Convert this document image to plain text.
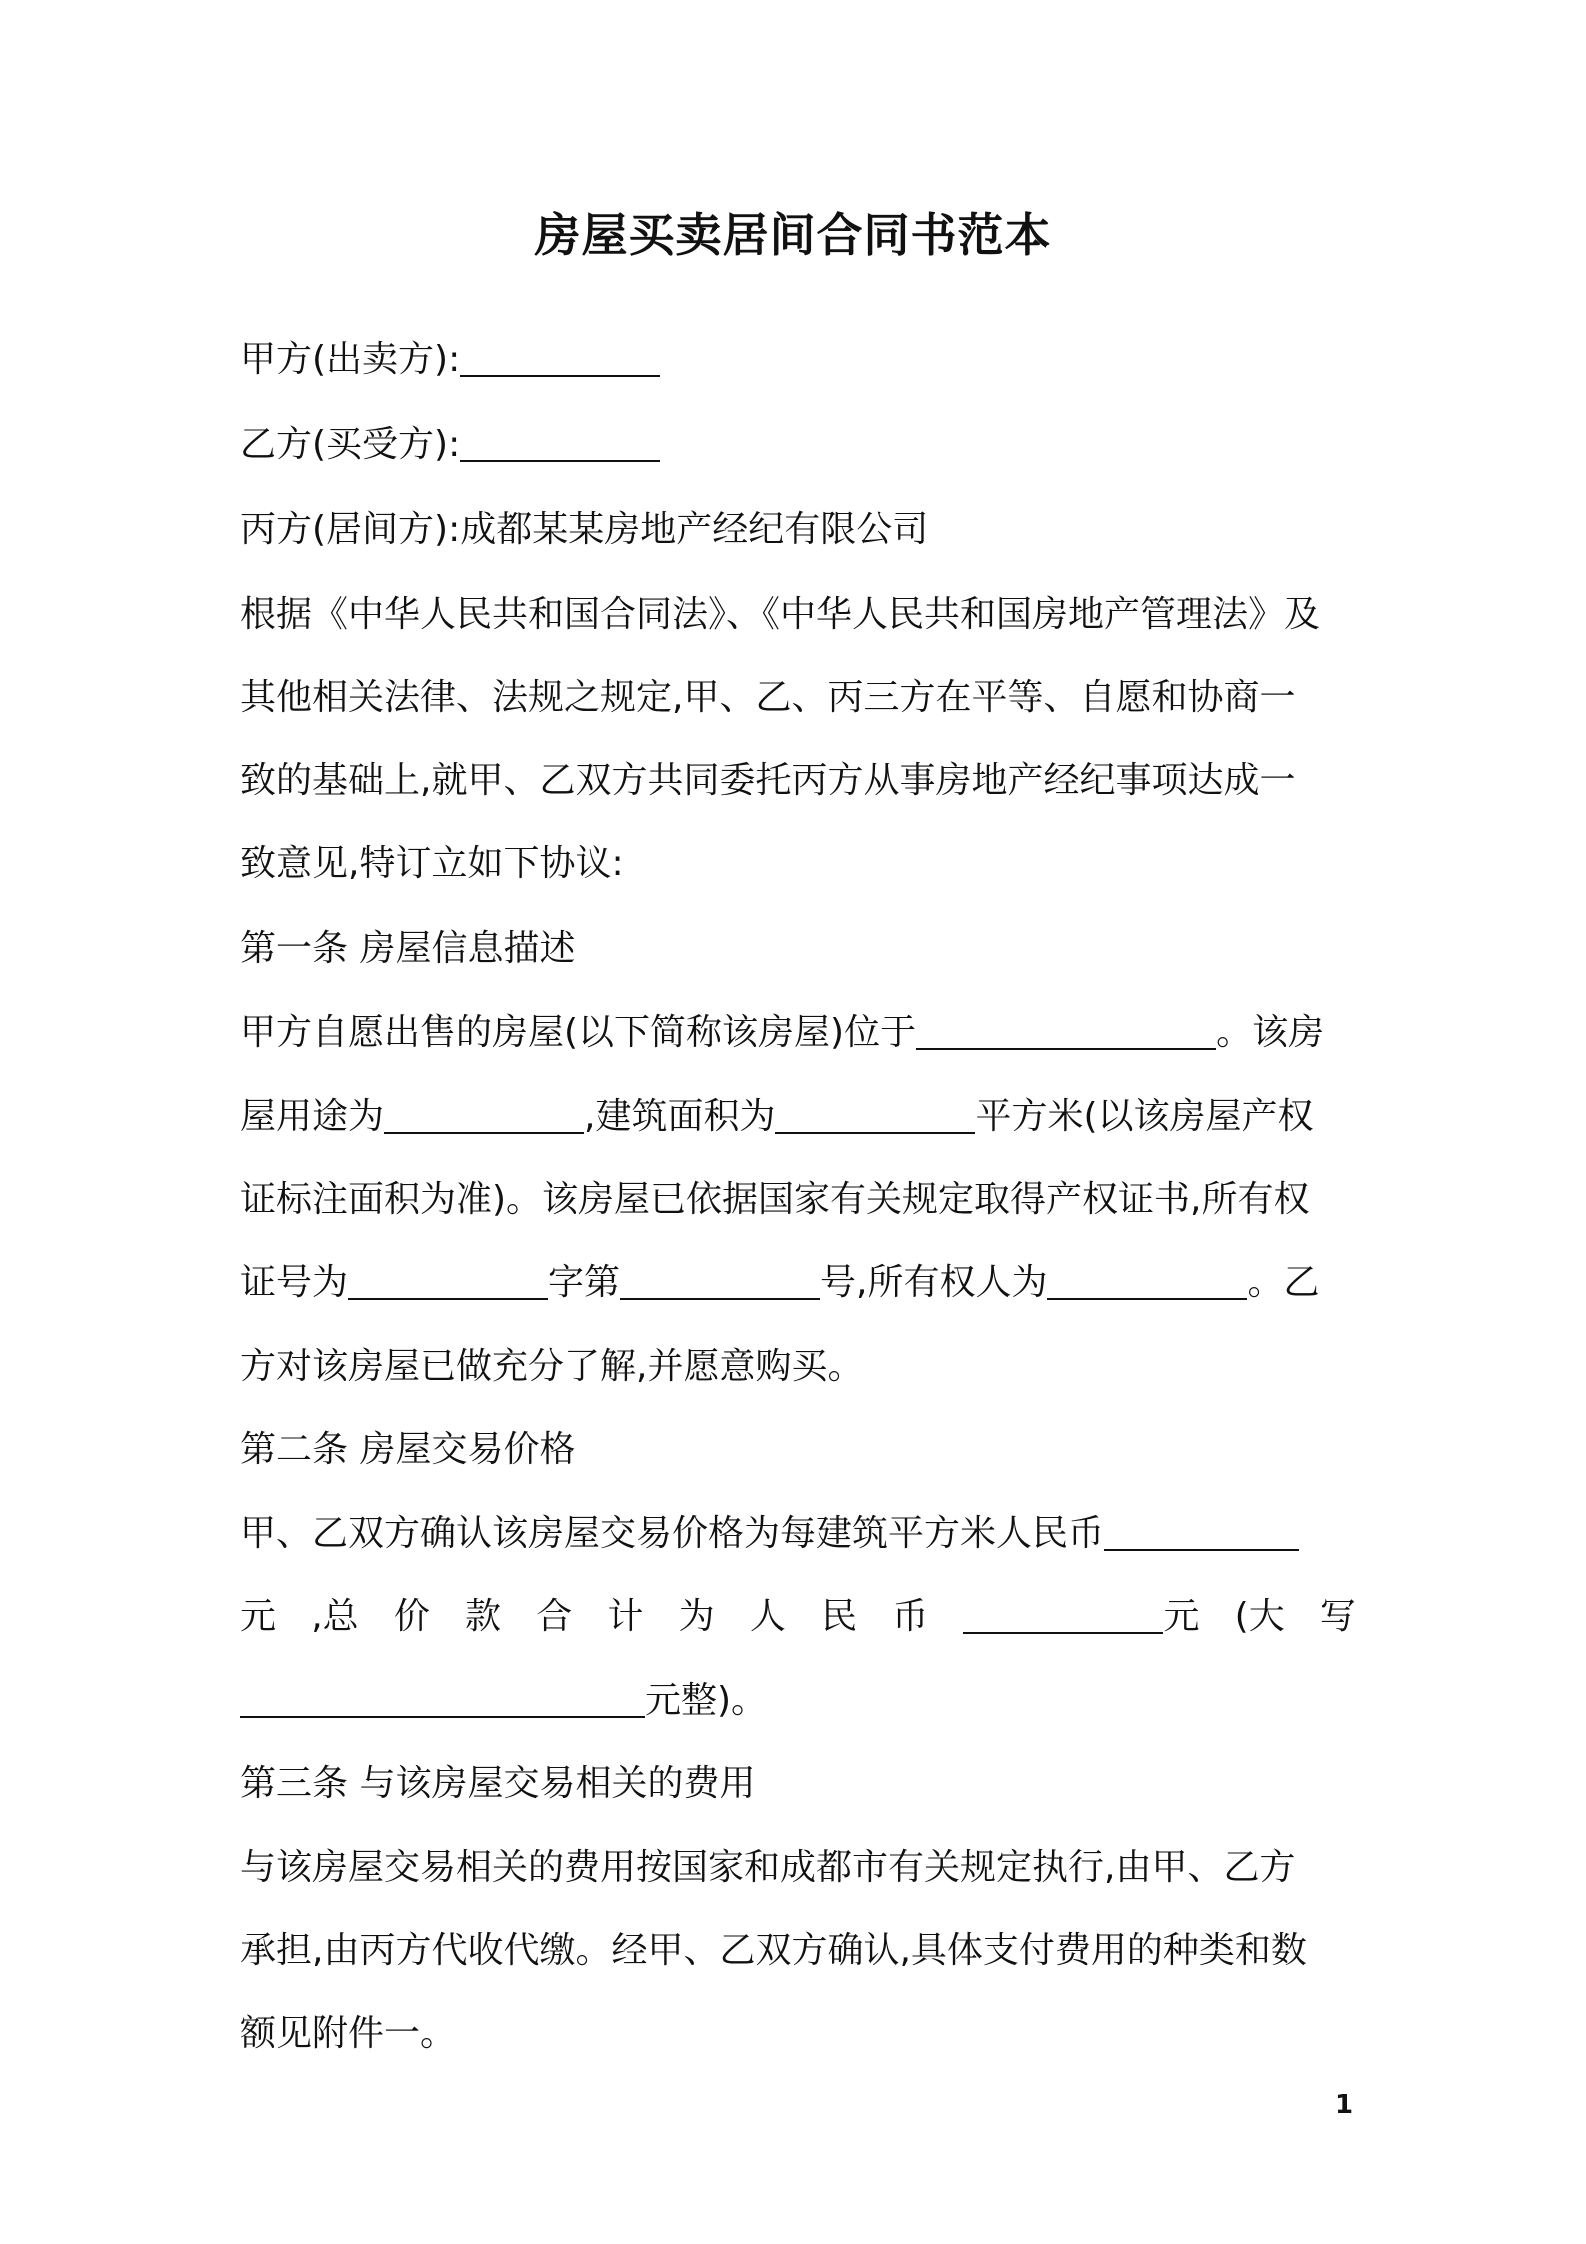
房屋买卖居间合同书范本
甲方(出卖方):
乙方(买受方):
丙方(居间方):成都某某房地产经纪有限公司
根据《中华人民共和国合同法》、《中华人民共和国房地产管理法》及
其他相关法律、法规之规定,甲、乙、丙三方在平等、自愿和协商一
致的基础上,就甲、乙双方共同委托丙方从事房地产经纪事项达成一
致意见,特订立如下协议:
第一条 房屋信息描述
甲方自愿出售的房屋(以下简称该房屋)位于	。该房
屋用途为	,建筑面积为	平方米(以该房屋产权
证标注面积为准)。该房屋已依据国家有关规定取得产权证书,所有权
证号为	字第	号,所有权人为	。乙
方对该房屋已做充分了解,并愿意购买。
第二条 房屋交易价格
甲、乙双方确认该房屋交易价格为每建筑平方米人民币
元 ,总 价 款 合 计 为 人 民 币	元 (大 写
元整)。
第三条 与该房屋交易相关的费用
与该房屋交易相关的费用按国家和成都市有关规定执行,由甲、乙方
承担,由丙方代收代缴。经甲、乙双方确认,具体支付费用的种类和数
额见附件一。
1
